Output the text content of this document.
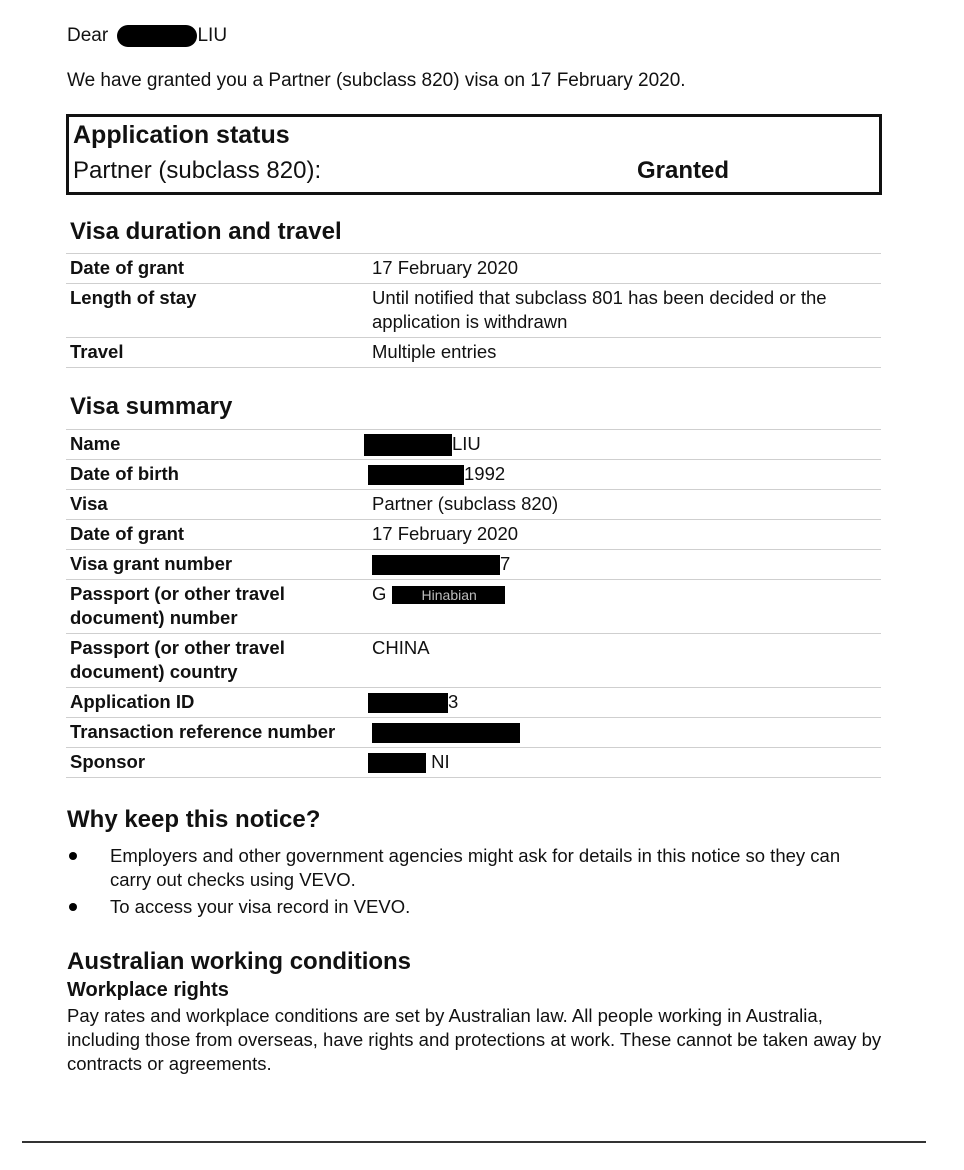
Dear	LIU
We have granted you a Partner (subclass 820) visa on 17 February 2020.
Application status
Partner (subclass 820):	Granted
Visa duration and travel
Date of grant	17 February 2020
Length of stay	Until notified that subclass 801 has been decided or the application is withdrawn
Travel	Multiple entries
Visa summary
Name	LIU
Date of birth	1992
Visa	Partner (subclass 820)
Date of grant	17 February 2020
Visa grant number	7
Passport (or other travel document) number	G Hinabian
Passport (or other travel document) country	CHINA
Application ID	3
Transaction reference number	
Sponsor	NI
Why keep this notice?
Employers and other government agencies might ask for details in this notice so they can carry out checks using VEVO.
To access your visa record in VEVO.
Australian working conditions
Workplace rights
Pay rates and workplace conditions are set by Australian law. All people working in Australia, including those from overseas, have rights and protections at work. These cannot be taken away by contracts or agreements.
